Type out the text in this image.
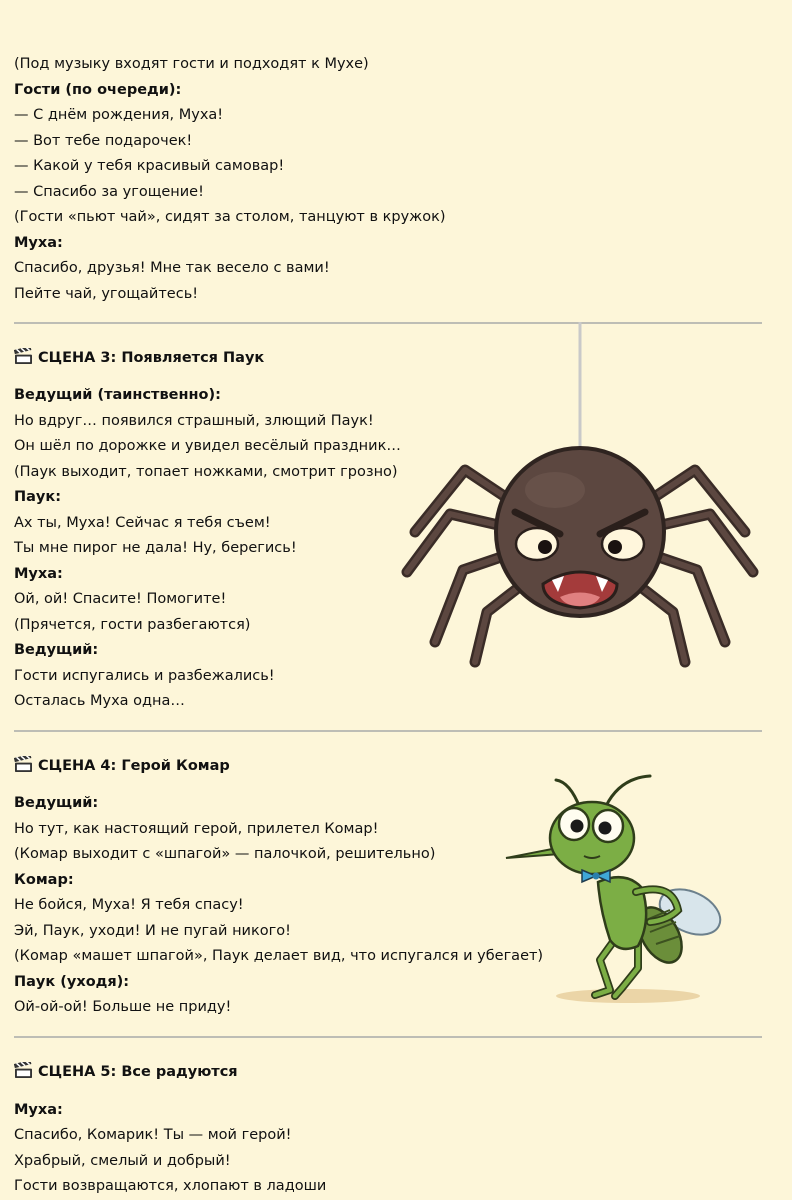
(Под музыку входят гости и подходят к Мухе)
Гости (по очереди):
— С днём рождения, Муха!
— Вот тебе подарочек!
— Какой у тебя красивый самовар!
— Спасибо за угощение!
(Гости «пьют чай», сидят за столом, танцуют в кружок)
Муха:
Спасибо, друзья! Мне так весело с вами!
Пейте чай, угощайтесь!
СЦЕНА 3: Появляется Паук
Ведущий (таинственно):
Но вдруг… появился страшный, злющий Паук!
Он шёл по дорожке и увидел весёлый праздник…
(Паук выходит, топает ножками, смотрит грозно)
Паук:
Ах ты, Муха! Сейчас я тебя съем!
Ты мне пирог не дала! Ну, берегись!
Муха:
Ой, ой! Спасите! Помогите!
(Прячется, гости разбегаются)
Ведущий:
Гости испугались и разбежались!
Осталась Муха одна…
СЦЕНА 4: Герой Комар
Ведущий:
Но тут, как настоящий герой, прилетел Комар!
(Комар выходит с «шпагой» — палочкой, решительно)
Комар:
Не бойся, Муха! Я тебя спасу!
Эй, Паук, уходи! И не пугай никого!
(Комар «машет шпагой», Паук делает вид, что испугался и убегает)
Паук (уходя):
Ой-ой-ой! Больше не приду!
СЦЕНА 5: Все радуются
Муха:
Спасибо, Комарик! Ты — мой герой!
Храбрый, смелый и добрый!
Гости возвращаются, хлопают в ладоши
